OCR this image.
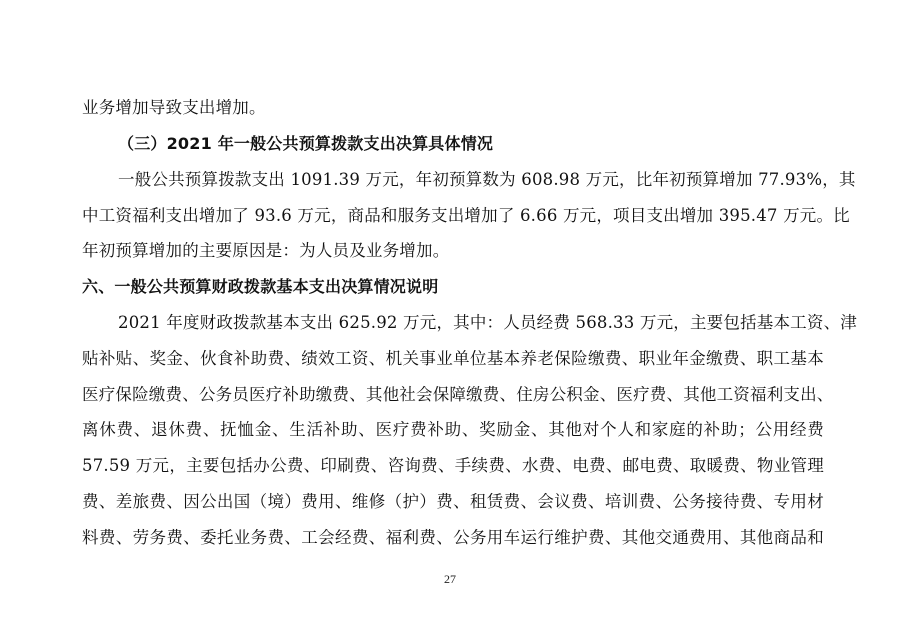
业务增加导致支出增加。
（三）2021 年一般公共预算拨款支出决算具体情况
一般公共预算拨款支出 1091.39 万元，年初预算数为 608.98 万元，比年初预算增加 77.93%，其
中工资福利支出增加了 93.6 万元，商品和服务支出增加了 6.66 万元，项目支出增加 395.47 万元。比
年初预算增加的主要原因是：为人员及业务增加。
六、一般公共预算财政拨款基本支出决算情况说明
2021 年度财政拨款基本支出 625.92 万元，其中：人员经费 568.33 万元，主要包括基本工资、津
贴补贴、奖金、伙食补助费、绩效工资、机关事业单位基本养老保险缴费、职业年金缴费、职工基本
医疗保险缴费、公务员医疗补助缴费、其他社会保障缴费、住房公积金、医疗费、其他工资福利支出、
离休费、退休费、抚恤金、生活补助、医疗费补助、奖励金、其他对个人和家庭的补助；公用经费
57.59 万元，主要包括办公费、印刷费、咨询费、手续费、水费、电费、邮电费、取暖费、物业管理
费、差旅费、因公出国（境）费用、维修（护）费、租赁费、会议费、培训费、公务接待费、专用材
料费、劳务费、委托业务费、工会经费、福利费、公务用车运行维护费、其他交通费用、其他商品和
27
